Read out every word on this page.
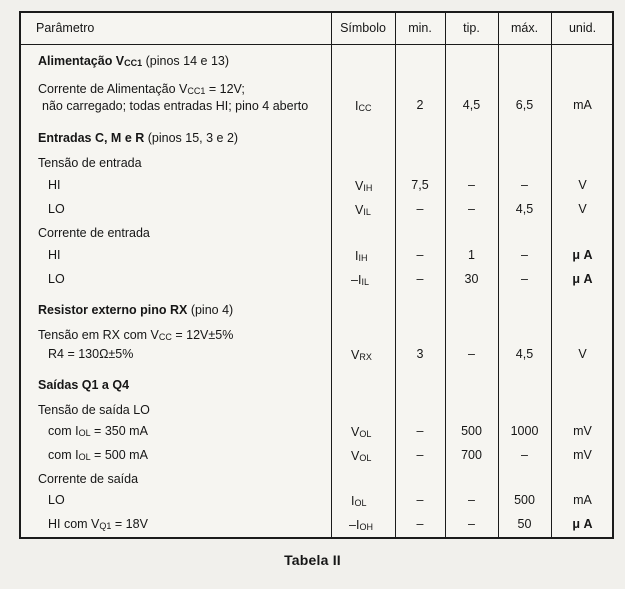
Parâmetro	Símbolo	min.	tip.	máx.	unid.
Alimentação $V_{CC1}$ (pinos 14 e 13)
Corrente de Alimentação $V_{CC1} = 12V$;
não carregado; todas entradas HI; pino 4 aberto	$I_{CC}$	2	4,5	6,5	mA
Entradas C, M e R (pinos 15, 3 e 2)
Tensão de entrada
HI	$V_{IH}$	7,5	–	–	V
LO	$V_{IL}$	–	–	4,5	V
Corrente de entrada
HI	$I_{IH}$	–	1	–	μ A
LO	$-I_{IL}$	–	30	–	μ A
Resistor externo pino RX (pino 4)
Tensão em RX com $V_{CC} = 12V\pm 5\%$
R4 = 130Ω±5%	$V_{RX}$	3	–	4,5	V
Saídas Q1 a Q4
Tensão de saída LO
com $I_{OL} = 350$ mA	$V_{OL}$	–	500	1000	mV
com $I_{OL} = 500$ mA	$V_{OL}$	–	700	–	mV
Corrente de saída
LO	$I_{OL}$	–	–	500	mA
HI com $V_{Q1} = 18V$	$-I_{OH}$	–	–	50	μ A
Tabela II
